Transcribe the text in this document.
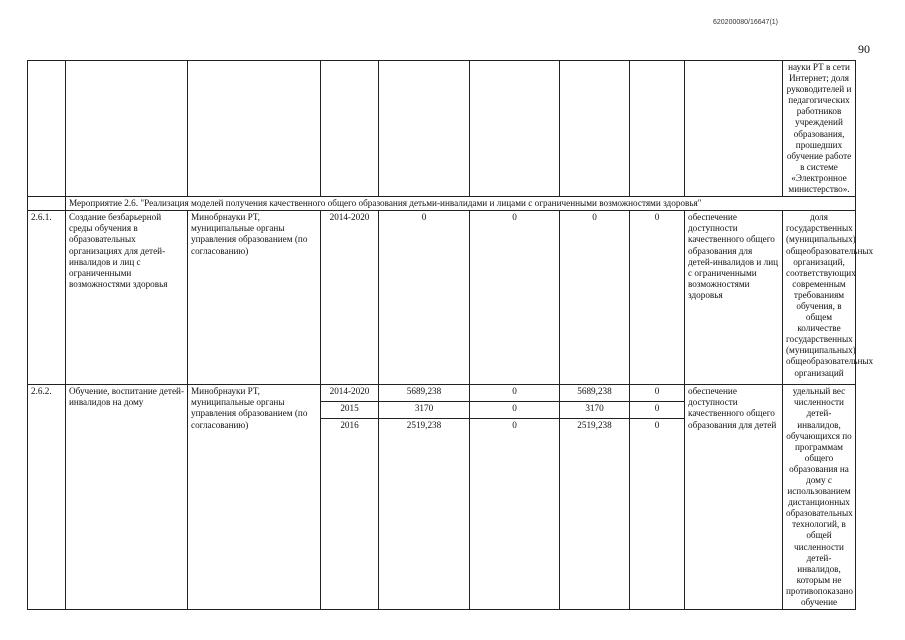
620200080/16647(1)
90
									науки РТ в сети Интернет; доля руководителей и педагогических работников учреждений образования, прошедших обучение работе в системе «Электронное министерство».
	Мероприятие 2.6. "Реализация моделей получения качественного общего образования детьми-инвалидами и лицами с ограниченными возможностями здоровья"								
2.6.1.	Создание безбарьерной среды обучения в образовательных организациях для детей-инвалидов и лиц с ограниченными возможностями здоровья	Минобрнауки РТ, муниципальные органы управления образованием (по согласованию)	2014-2020	0	0	0	0	обеспечение доступности качественного общего образования для детей-инвалидов и лиц с ограниченными возможностями здоровья	доля государственных (муниципальных) общеобразовательных организаций, соответствующих современным требованиям обучения, в общем количестве государственных (муниципальных) общеобразовательных организаций
2.6.2.	Обучение, воспитание детей-инвалидов на дому	Минобрнауки РТ, муниципальные органы управления образованием (по согласованию)	2014-2020	5689,238	0	5689,238	0	обеспечение доступности качественного общего образования для детей	удельный вес численности детей-инвалидов, обучающихся по программам общего образования на дому с использованием дистанционных образовательных технологий, в общей численности детей-инвалидов, которым не противопоказано обучение
			2015	3170	0	3170	0		
			2016	2519,238	0	2519,238	0		
